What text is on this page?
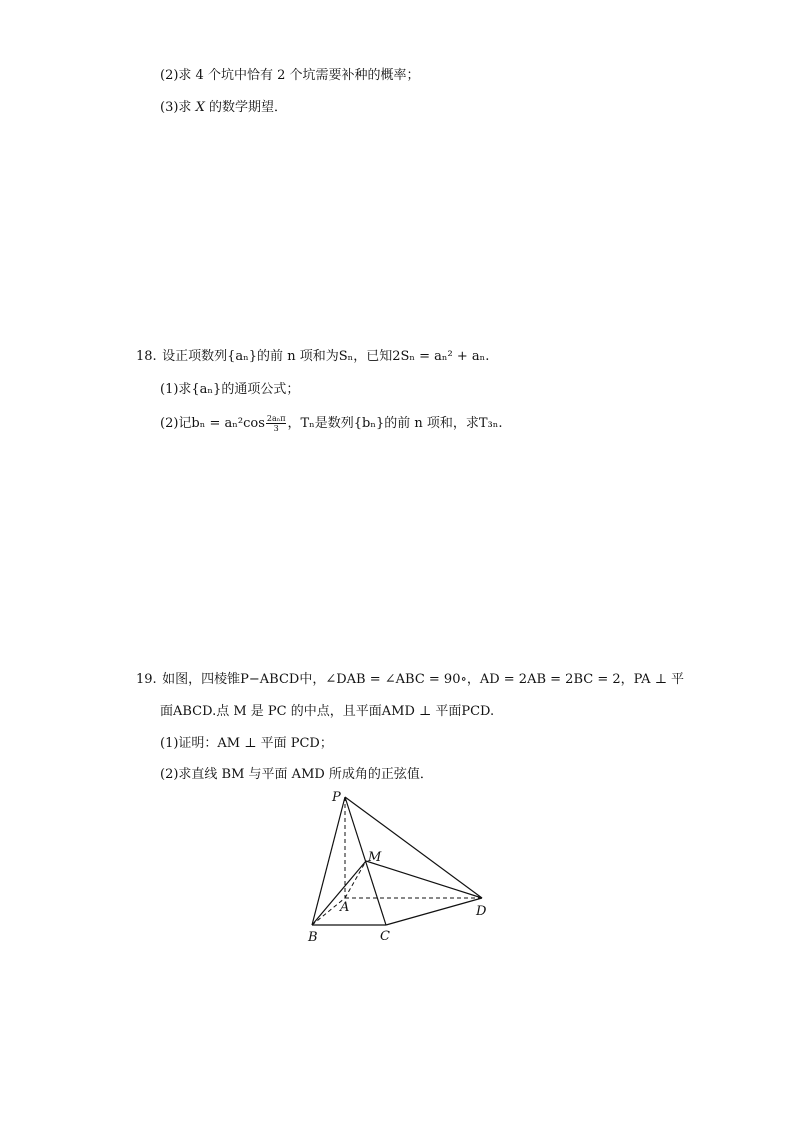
(2)求 4 个坑中恰有 2 个坑需要补种的概率；
(3)求 X 的数学期望．
18. 设正项数列{aₙ}的前 n 项和为Sₙ，已知2Sₙ = aₙ² + aₙ.
(1)求{aₙ}的通项公式；
(2)记$b_n = a_n^2\cos \frac{\text{2aₙπ}}{3}$ ，Tₙ是数列{bₙ}的前 n 项和，求T₃ₙ.
19. 如图，四棱锥P−ABCD中，∠DAB = ∠ABC = 90∘，AD = 2AB = 2BC = 2，PA ⊥ 平
面ABCD.点 M 是 PC 的中点，且平面AMD ⊥ 平面PCD.
(1)证明：AM ⊥ 平面 PCD；
(2)求直线 BM 与平面 AMD 所成角的正弦值．
P
M
A
B	C
D
